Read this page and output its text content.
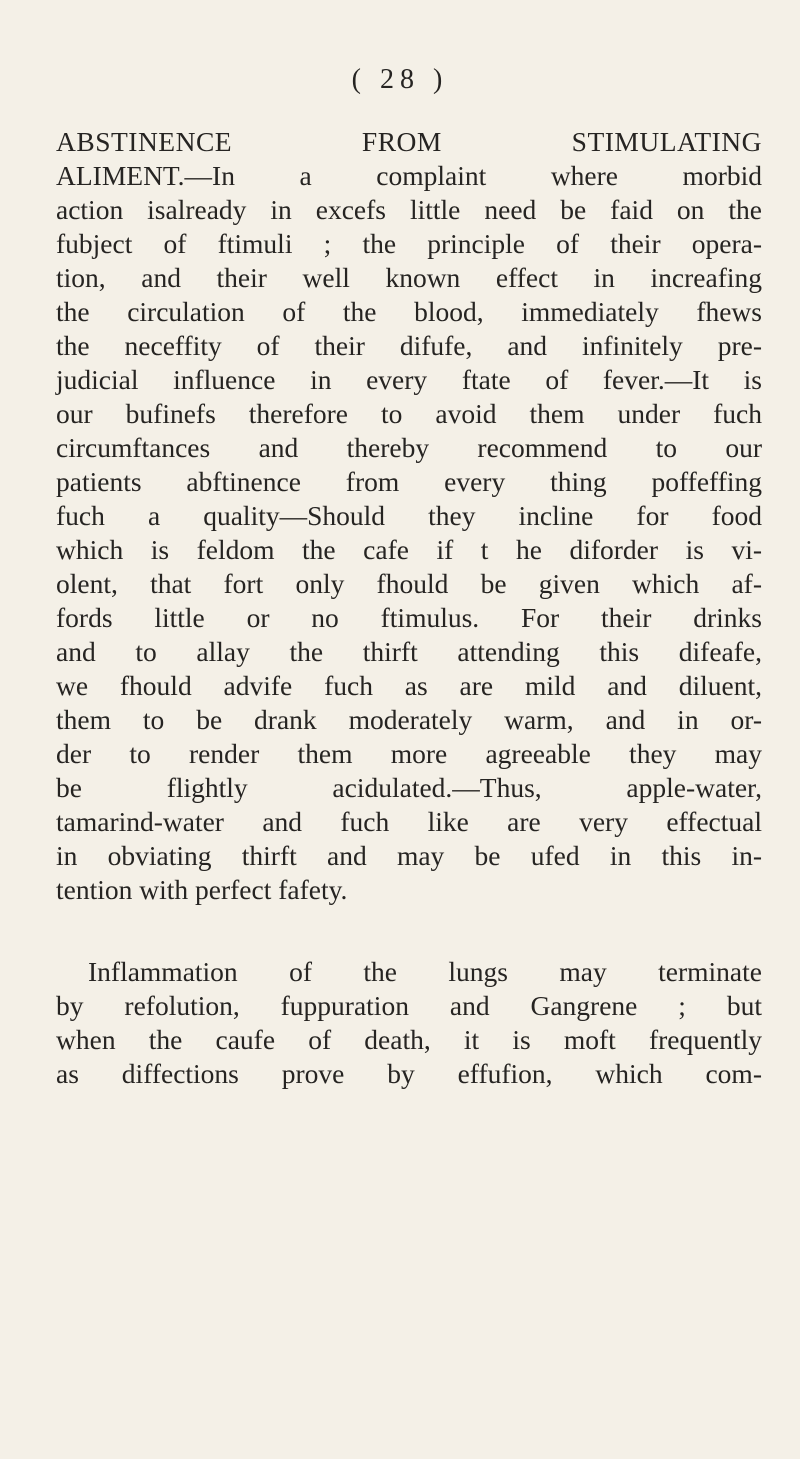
( 28 )
ABSTINENCE FROM STIMULATING
ALIMENT.—In a complaint where morbid
action isalready in excefs little need be faid on the
fubject of ftimuli ; the principle of their opera-
tion, and their well known effect in increafing
the circulation of the blood, immediately fhews
the neceffity of their difufe, and infinitely pre-
judicial influence in every ftate of fever.—It is
our bufinefs therefore to avoid them under fuch
circumftances and thereby recommend to our
patients abftinence from every thing poffeffing
fuch a quality—Should they incline for food
which is feldom the cafe if t he diforder is vi-
olent, that fort only fhould be given which af-
fords little or no ftimulus. For their drinks
and to allay the thirft attending this difeafe,
we fhould advife fuch as are mild and diluent,
them to be drank moderately warm, and in or-
der to render them more agreeable they may
be flightly acidulated.—Thus, apple-water,
tamarind-water and fuch like are very effectual
in obviating thirft and may be ufed in this in-
tention with perfect fafety.
Inflammation of the lungs may terminate
by refolution, fuppuration and Gangrene ; but
when the caufe of death, it is moft frequently
as diffections prove by effufion, which com-
